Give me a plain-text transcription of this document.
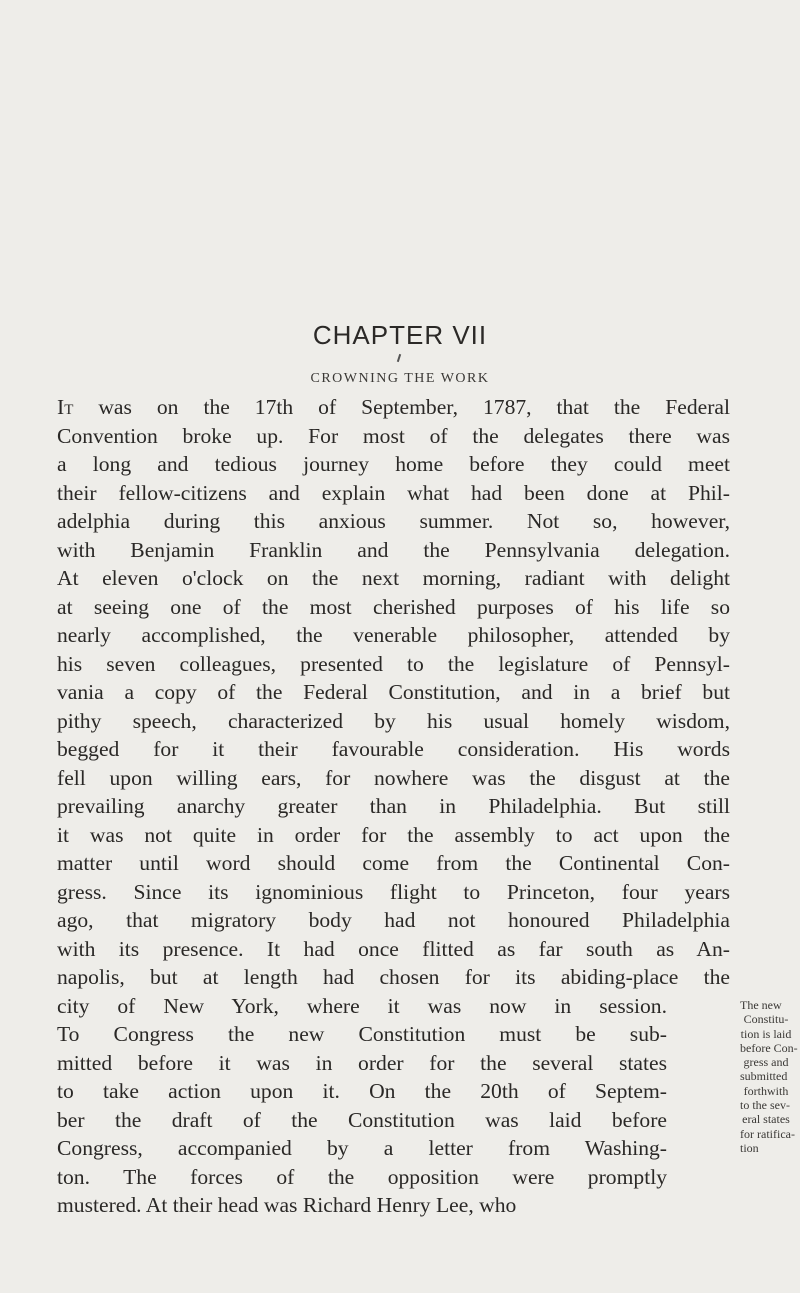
CHAPTER VII
CROWNING THE WORK
It was on the 17th of September, 1787, that the Federal
Convention broke up. For most of the delegates there was
a long and tedious journey home before they could meet
their fellow-citizens and explain what had been done at Phil-
adelphia during this anxious summer. Not so, however,
with Benjamin Franklin and the Pennsylvania delegation.
At eleven o'clock on the next morning, radiant with delight
at seeing one of the most cherished purposes of his life so
nearly accomplished, the venerable philosopher, attended by
his seven colleagues, presented to the legislature of Pennsyl-
vania a copy of the Federal Constitution, and in a brief but
pithy speech, characterized by his usual homely wisdom,
begged for it their favourable consideration. His words
fell upon willing ears, for nowhere was the disgust at the
prevailing anarchy greater than in Philadelphia. But still
it was not quite in order for the assembly to act upon the
matter until word should come from the Continental Con-
gress. Since its ignominious flight to Princeton, four years
ago, that migratory body had not honoured Philadelphia
with its presence. It had once flitted as far south as An-
napolis, but at length had chosen for its abiding-place the
city of New York, where it was now in session.
To Congress the new Constitution must be sub-
mitted before it was in order for the several states
to take action upon it. On the 20th of Septem-
ber the draft of the Constitution was laid before
Congress, accompanied by a letter from Washing-
ton. The forces of the opposition were promptly
mustered. At their head was Richard Henry Lee, who
The new
Constitu-
tion is laid
before Con-
gress and
submitted
forthwith
to the sev-
eral states
for ratifica-
tion
